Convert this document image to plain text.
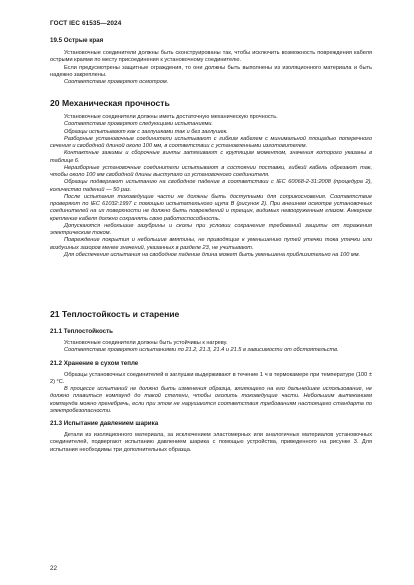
ГОСТ IEC 61535—2024
19.5 Острые края

Установочные соединители должны быть сконструированы так, чтобы исключить возможность повреждения кабеля острыми краями по месту присоединения к установочному соединителю.

Если предусмотрены защитные ограждения, то они должны быть выполнены из изоляционного материала и быть надежно закреплены.

Соответствие проверяют осмотром.

20 Механическая прочность

Установочные соединители должны иметь достаточную механическую прочность.

Соответствие проверяют следующими испытаниями.

Образцы испытывают как с заглушками так и без заглушек.

Разборные установочные соединители испытывают с гибким кабелем с минимальной площадью поперечного сечения и свободной длиной около 100 мм, в соответствии с установленными изготовителем.

Контактные зажимы и сборочные винты затягивают с крутящим моментом, значения которого указаны в таблице 6.

Неразборные установочные соединители испытывают в состоянии поставки, гибкий кабель обрезают так, чтобы около 100 мм свободной длины выступало из установочного соединителя.

Образцы подвергают испытанию на свободное падение в соответствии с IEC 60068-2-31:2008 (процедура 2), количество падений — 50 раз.

После испытания токоведущие части не должны быть доступными для соприкосновения. Соответствие проверяют по IEC 61032:1997 с помощью испытательного щупа В (рисунок 2). При внешнем осмотре установочных соединителей на их поверхности не должно быть повреждений и трещин, видимых невооруженным глазом. Анкерное крепление кабеля должно сохранять свою работоспособность.

Допускаются небольшие зазубрины и сколы при условии сохранения требований защиты от поражения электрическим током.

Повреждение покрытия и небольшие вмятины, не приводящие к уменьшению путей утечки тока утечки или воздушных зазоров менее значений, указанных в разделе 23, не учитывают.

Для обеспечения испытания на свободное падение длина может быть уменьшена приблизительно на 100 мм.

21 Теплостойкость и старение
21.1 Теплостойкость

Установочные соединители должны быть устойчивы к нагреву.

Соответствие проверяют испытаниями по 21.2, 21.3, 21.4 и 21.5 в зависимости от обстоятельств.

21.2 Хранение в сухом тепле

Образцы установочных соединителей в заглушки выдерживают в течение 1 ч в термокамере при температуре (100 ± 2) °С.

В процессе испытаний не должно быть изменения образца, влияющего на его дальнейшее использование, не должно плавиться компаунд до такой степени, чтобы оголить токоведущие части. Небольшим вытеканием компаунда можно пренебречь, если при этом не нарушаются соответствия требованиям настоящего стандарта по электробезопасности.

21.3 Испытание давлением шарика

Детали из изоляционного материала, за исключением эластомерных или аналогичных материалов установочных соединителей, подвергают испытанию давлением шарика с помощью устройства, приведенного на рисунке 3. Для испытания необходимы три дополнительных образца.

22
